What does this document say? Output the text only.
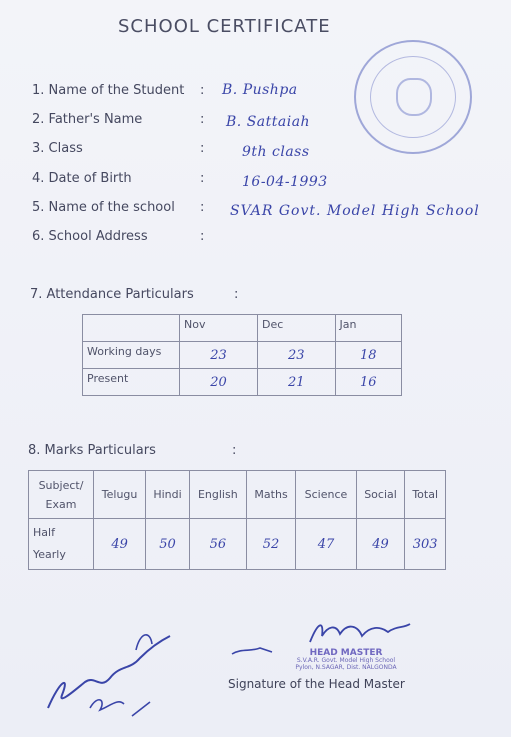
SCHOOL CERTIFICATE
1. Name of the Student : B. Pushpa
2. Father's Name	: B. Sattaiah
3. Class	:	9th class
4. Date of Birth	:	16-04-1993
5. Name of the school : SVAR Govt. Model High School
6. School Address	:
7. Attendance Particulars	:
	Nov	Dec	Jan
Working days	23	23	18
Present	20	21	16
8. Marks Particulars	:
Subject/
Exam	Telugu	Hindi	English	Maths	Science	Social	Total
Half
Yearly	49	50	56	52	47	49	303
HEAD MASTER
S.V.A.R. Govt. Model High School
Pylon, N.SAGAR, Dist. NALGONDA
Signature of the Head Master
